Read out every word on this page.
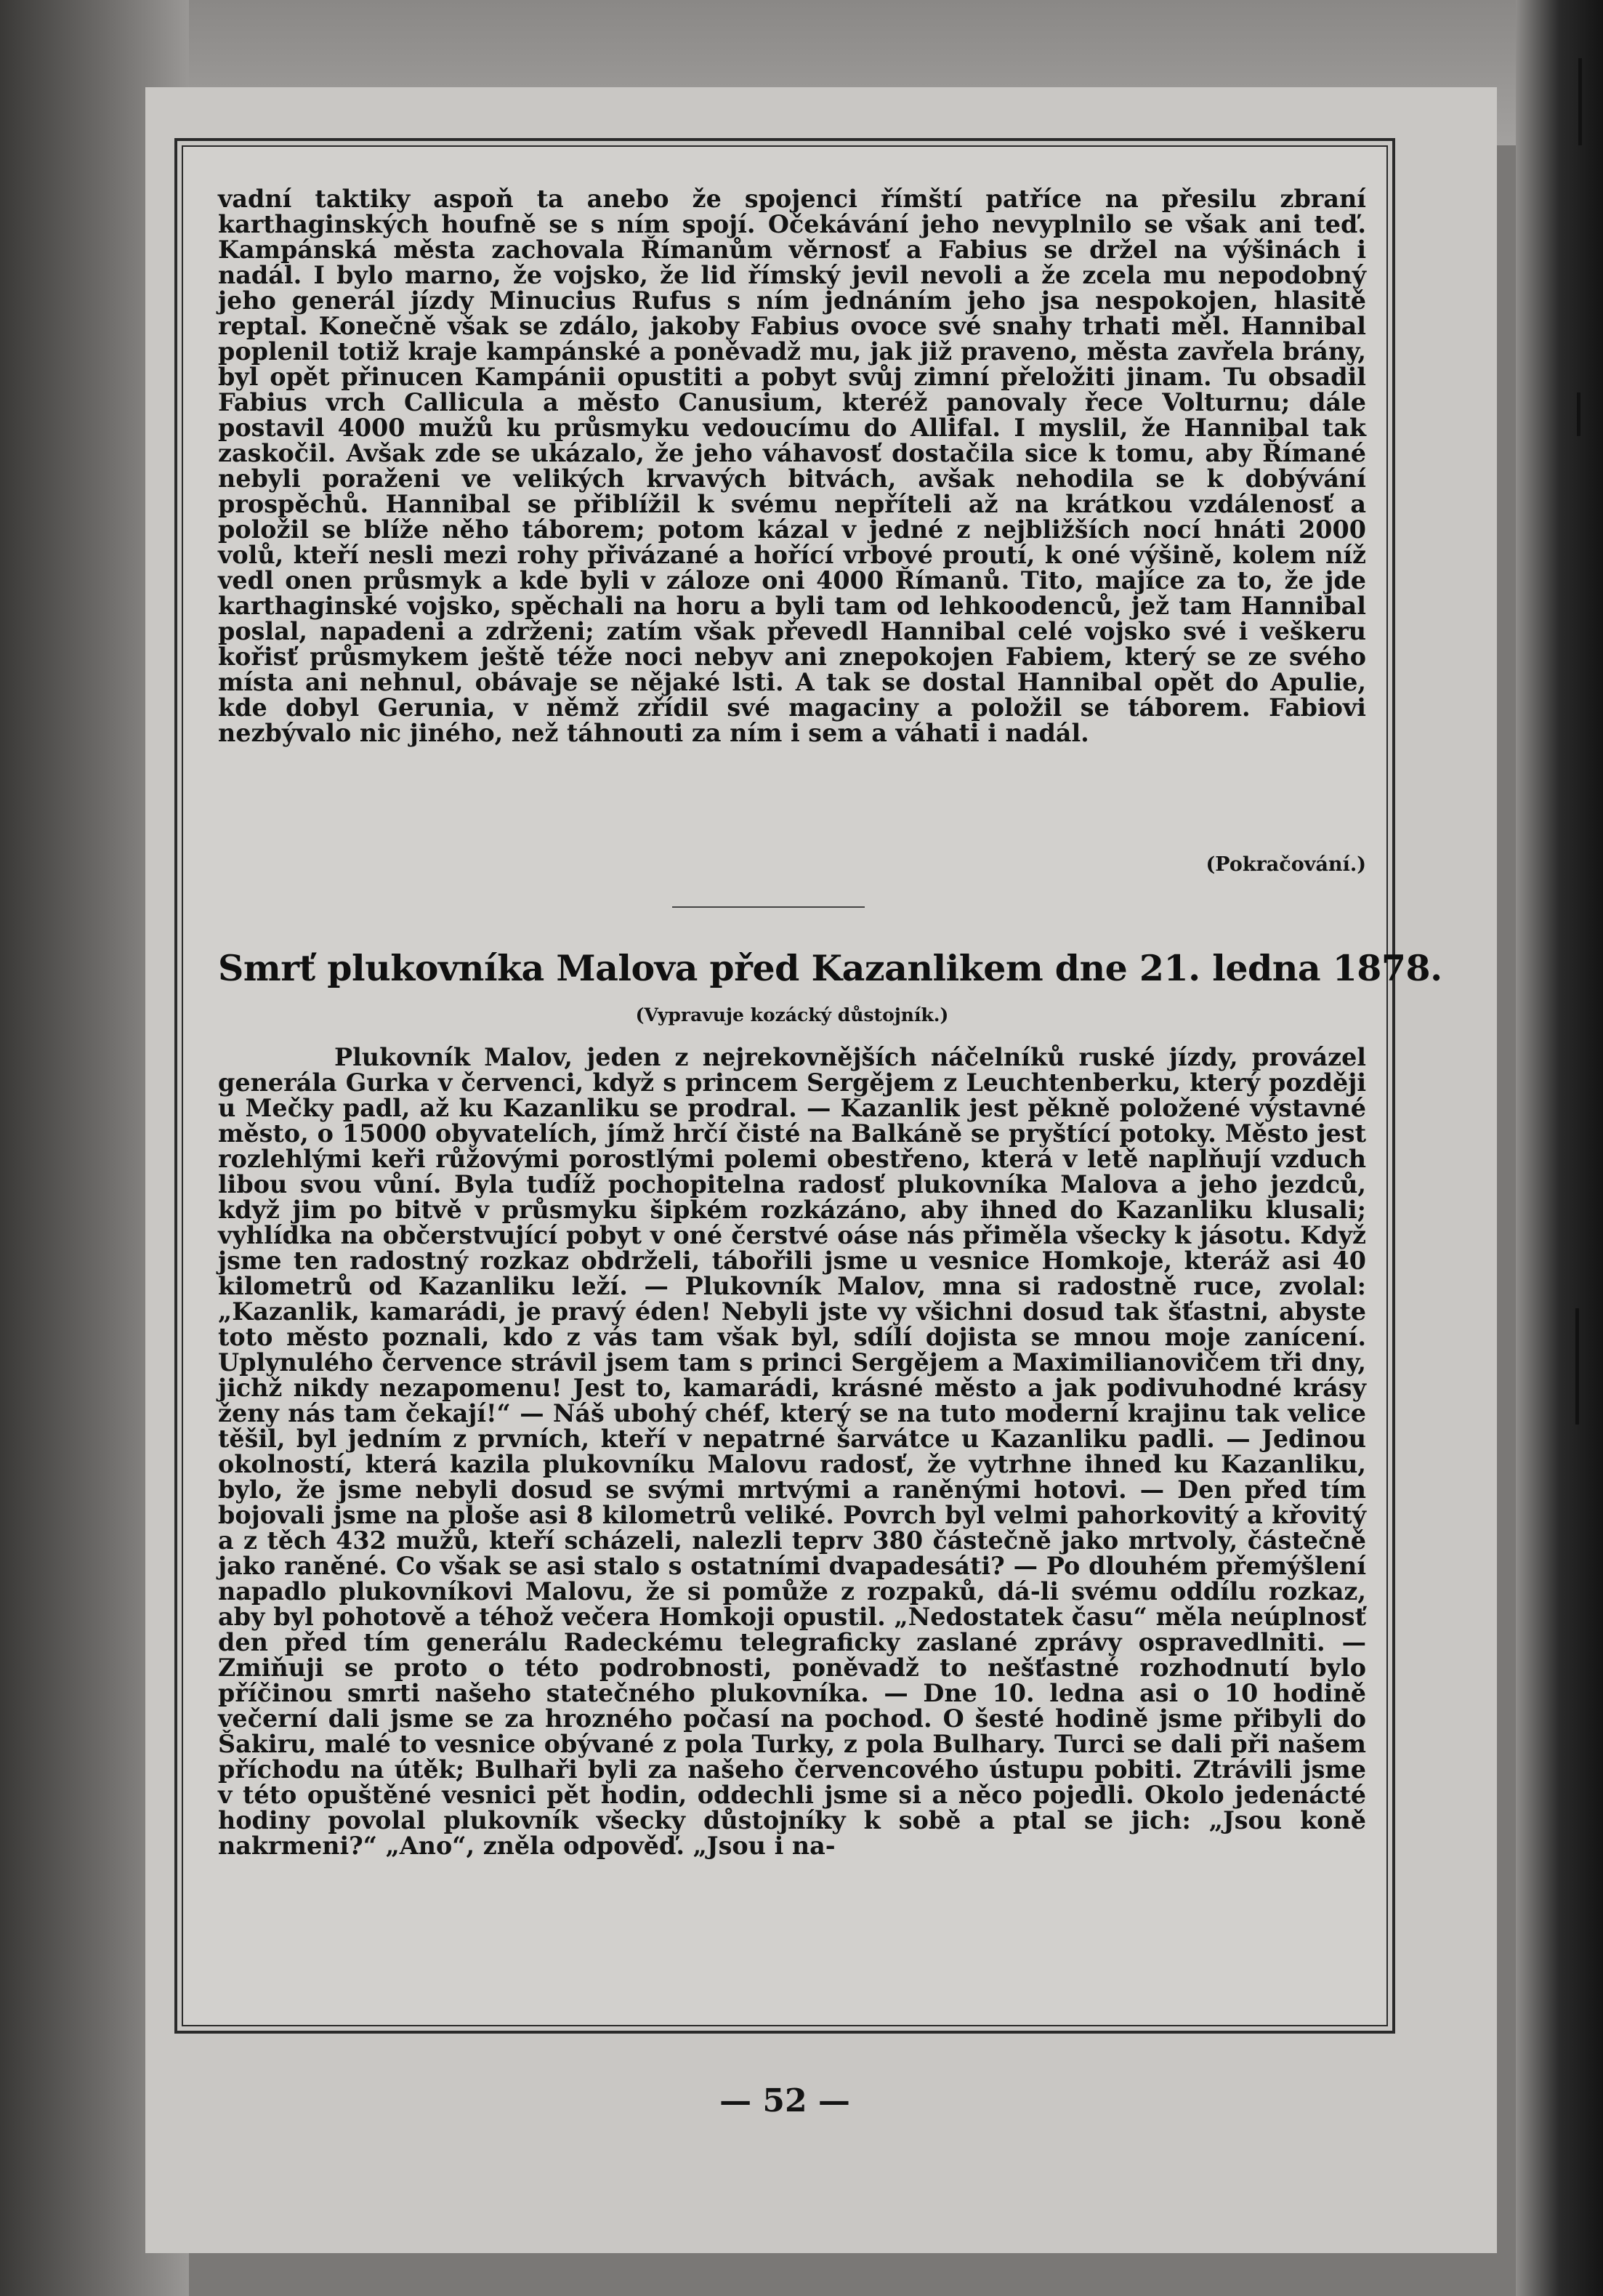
vadní taktiky aspoň ta anebo že spojenci římští patříce na přesilu zbraní karthaginských houfně se s ním spojí. Očekávání jeho nevyplnilo se však ani teď. Kampánská města zachovala Římanům věrnosť a Fabius se držel na výšinách i nadál. I bylo marno, že vojsko, že lid římský jevil nevoli a že zcela mu nepodobný jeho generál jízdy Minucius Rufus s ním jednáním jeho jsa nespokojen, hlasitě reptal. Konečně však se zdálo, jakoby Fabius ovoce své snahy trhati měl. Hannibal poplenil totiž kraje kampánské a poněvadž mu, jak již praveno, města zavřela brány, byl opět přinucen Kampánii opustiti a pobyt svůj zimní přeložiti jinam. Tu obsadil Fabius vrch Callicula a město Canusium, kteréž panovaly řece Volturnu; dále postavil 4000 mužů ku průsmyku vedoucímu do Allifal. I myslil, že Hannibal tak zaskočil. Avšak zde se ukázalo, že jeho váhavosť dostačila sice k tomu, aby Římané nebyli poraženi ve velikých krvavých bitvách, avšak nehodila se k dobývání prospěchů. Hannibal se přiblížil k svému nepříteli až na krátkou vzdálenosť a položil se blíže něho táborem; potom kázal v jedné z nejbližších nocí hnáti 2000 volů, kteří nesli mezi rohy přivázané a hořící vrbové proutí, k oné výšině, kolem níž vedl onen průsmyk a kde byli v záloze oni 4000 Římanů. Tito, majíce za to, že jde karthaginské vojsko, spěchali na horu a byli tam od lehkoodenců, jež tam Hannibal poslal, napadeni a zdrženi; zatím však převedl Hannibal celé vojsko své i veškeru kořisť průsmykem ještě téže noci nebyv ani znepokojen Fabiem, který se ze svého místa ani nehnul, obávaje se nějaké lsti. A tak se dostal Hannibal opět do Apulie, kde dobyl Gerunia, v němž zřídil své magaciny a položil se táborem. Fabiovi nezbývalo nic jiného, než táhnouti za ním i sem a váhati i nadál.

(Pokračování.)
Smrť plukovníka Malova před Kazanlikem dne 21. ledna 1878.
(Vypravuje kozácký důstojník.)

Plukovník Malov, jeden z nejrekovnějších náčelníků ruské jízdy, provázel generála Gurka v červenci, když s princem Sergějem z Leuchtenberku, který později u Mečky padl, až ku Kazanliku se prodral. — Kazanlik jest pěkně položené výstavné město, o 15000 obyvatelích, jímž hrčí čisté na Balkáně se pryštící potoky. Město jest rozlehlými keři růžovými porostlými polemi obestřeno, která v letě naplňují vzduch libou svou vůní. Byla tudíž pochopitelna radosť plukovníka Malova a jeho jezdců, když jim po bitvě v průsmyku šipkém rozkázáno, aby ihned do Kazanliku klusali; vyhlídka na občerstvující pobyt v oné čerstvé oáse nás přiměla všecky k jásotu. Když jsme ten radostný rozkaz obdrželi, tábořili jsme u vesnice Homkoje, kteráž asi 40 kilometrů od Kazanliku leží. — Plukovník Malov, mna si radostně ruce, zvolal: „Kazanlik, kamarádi, je pravý éden! Nebyli jste vy všichni dosud tak šťastni, abyste toto město poznali, kdo z vás tam však byl, sdílí dojista se mnou moje zanícení. Uplynulého července strávil jsem tam s princi Sergějem a Maximilianovičem tři dny, jichž nikdy nezapomenu! Jest to, kamarádi, krásné město a jak podivuhodné krásy ženy nás tam čekají!“ — Náš ubohý chéf, který se na tuto moderní krajinu tak velice těšil, byl jedním z prvních, kteří v nepatrné šarvátce u Kazanliku padli. — Jedinou okolností, která kazila plukovníku Malovu radosť, že vytrhne ihned ku Kazanliku, bylo, že jsme nebyli dosud se svými mrtvými a raněnými hotovi. — Den před tím bojovali jsme na ploše asi 8 kilometrů veliké. Povrch byl velmi pahorkovitý a křovitý a z těch 432 mužů, kteří scházeli, nalezli teprv 380 částečně jako mrtvoly, částečně jako raněné. Co však se asi stalo s ostatními dvapadesáti? — Po dlouhém přemýšlení napadlo plukovníkovi Malovu, že si pomůže z rozpaků, dá-li svému oddílu rozkaz, aby byl pohotově a téhož večera Homkoji opustil. „Nedostatek času“ měla neúplnosť den před tím generálu Radeckému telegraficky zaslané zprávy ospravedlniti. — Zmiňuji se proto o této podrobnosti, poněvadž to nešťastné rozhodnutí bylo příčinou smrti našeho statečného plukovníka. — Dne 10. ledna asi o 10 hodině večerní dali jsme se za hrozného počasí na pochod. O šesté hodině jsme přibyli do Šakiru, malé to vesnice obývané z pola Turky, z pola Bulhary. Turci se dali při našem příchodu na útěk; Bulhaři byli za našeho červencového ústupu pobiti. Ztrávili jsme v této opuštěné vesnici pět hodin, oddechli jsme si a něco pojedli. Okolo jedenácté hodiny povolal plukovník všecky důstojníky k sobě a ptal se jich: „Jsou koně nakrmeni?“ „Ano“, zněla odpověď. „Jsou i na-

— 52 —
